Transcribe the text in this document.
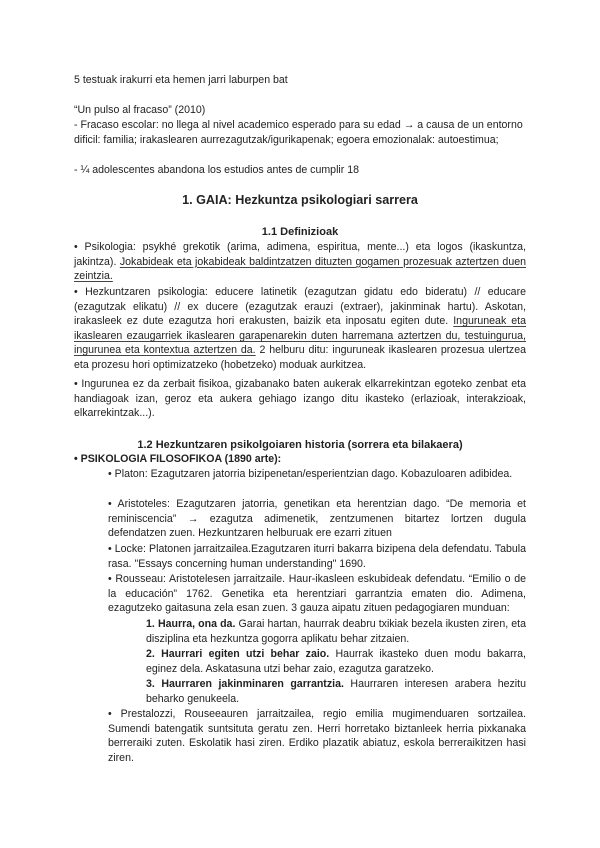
5 testuak irakurri eta hemen jarri laburpen bat

“Un pulso al fracaso” (2010)

- Fracaso escolar: no llega al nivel academico esperado para su edad → a causa de un entorno dificil: familia; irakaslearen aurrezagutzak/igurikapenak; egoera emozionalak: autoestimua;

- ¼ adolescentes abandona los estudios antes de cumplir 18

1. GAIA: Hezkuntza psikologiari sarrera

1.1 Definizioak

• Psikologia: psykhé grekotik (arima, adimena, espiritua, mente...) eta logos (ikaskuntza, jakintza). Jokabideak eta jokabideak baldintzatzen dituzten gogamen prozesuak aztertzen duen zeintzia.

• Hezkuntzaren psikologia: educere latinetik (ezagutzan gidatu edo bideratu) // educare (ezagutzak elikatu) // ex ducere (ezagutzak erauzi (extraer), jakinminak hartu). Askotan, irakasleek ez dute ezagutza hori erakusten, baizik eta inposatu egiten dute. Inguruneak eta ikaslearen ezaugarriek ikaslearen garapenarekin duten harremana aztertzen du, testuingurua, ingurunea eta kontextua aztertzen da. 2 helburu ditu: inguruneak ikaslearen prozesua ulertzea eta prozesu hori optimizatzeko (hobetzeko) moduak aurkitzea.

• Ingurunea ez da zerbait fisikoa, gizabanako baten aukerak elkarrekintzan egoteko zenbat eta handiagoak izan, geroz eta aukera gehiago izango ditu ikasteko (erlazioak, interakzioak, elkarrekintzak...).

1.2 Hezkuntzaren psikolgoiaren historia (sorrera eta bilakaera)

• PSIKOLOGIA FILOSOFIKOA (1890 arte):

• Platon: Ezagutzaren jatorria bizipenetan/esperientzian dago. Kobazuloaren adibidea.

• Aristoteles: Ezagutzaren jatorria, genetikan eta herentzian dago. “De memoria et reminiscencia” → ezagutza adimenetik, zentzumenen bitartez lortzen dugula defendatzen zuen. Hezkuntzaren helburuak ere ezarri zituen

• Locke: Platonen jarraitzailea.Ezagutzaren iturri bakarra bizipena dela defendatu. Tabula rasa. "Essays concerning human understanding" 1690.

• Rousseau: Aristotelesen jarraitzaile. Haur-ikasleen eskubideak defendatu. “Emilio o de la educación” 1762. Genetika eta herentziari garrantzia ematen dio. Adimena, ezagutzeko gaitasuna zela esan zuen. 3 gauza aipatu zituen pedagogiaren munduan:

1. Haurra, ona da. Garai hartan, haurrak deabru txikiak bezela ikusten ziren, eta disziplina eta hezkuntza gogorra aplikatu behar zitzaien.

2. Haurrari egiten utzi behar zaio. Haurrak ikasteko duen modu bakarra, eginez dela. Askatasuna utzi behar zaio, ezagutza garatzeko.

3. Haurraren jakinminaren garrantzia. Haurraren interesen arabera hezitu beharko genukeela.

• Prestalozzi, Rouseeauren jarraitzailea, regio emilia mugimenduaren sortzailea. Sumendi batengatik suntsituta geratu zen. Herri horretako biztanleek herria pixkanaka berreraiki zuten. Eskolatik hasi ziren. Erdiko plazatik abiatuz, eskola berreraikitzen hasi ziren.
